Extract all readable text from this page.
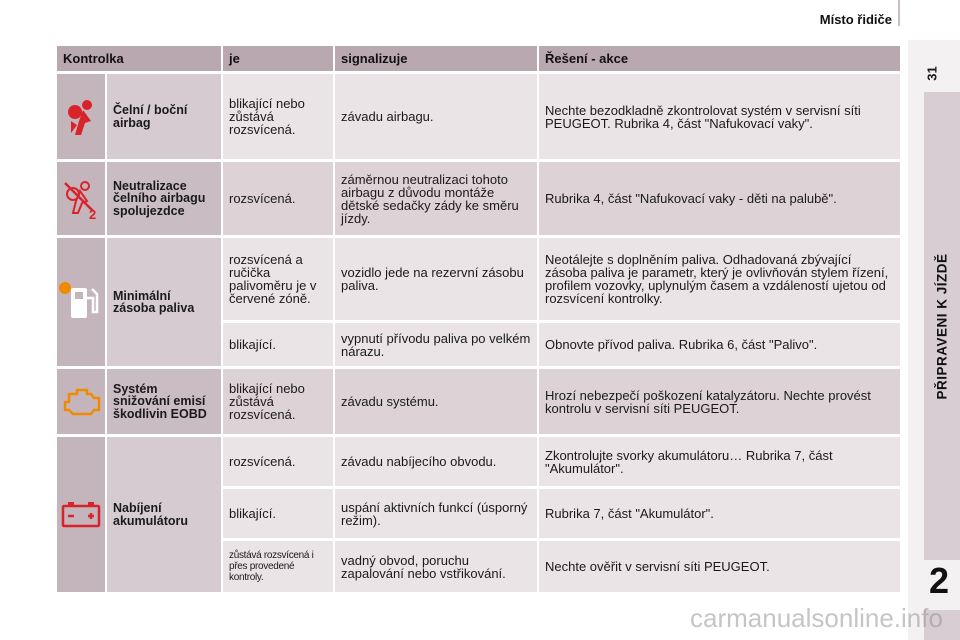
Místo řidiče
31
PŘIPRAVENI K JÍZDĚ
2
Kontrolka		je	signalizuje	Řešení - akce

	Čelní / boční airbag	blikající nebo zůstává rozsvícená.	závadu airbagu.	Nechte bezodkladně zkontrolovat systém v servisní síti PEUGEOT. Rubrika 4, část "Nafukovací vaky".

2	Neutralizace čelního airbagu spolujezdce	rozsvícená.	záměrnou neutralizaci tohoto airbagu z důvodu montáže dětské sedačky zády ke směru jízdy.	Rubrika 4, část "Nafukovací vaky - děti na palubě".

	Minimální zásoba paliva	rozsvícená a ručička palivoměru je v červené zóně.	vozidlo jede na rezervní zásobu paliva.	Neotálejte s doplněním paliva. Odhadovaná zbývající zásoba paliva je parametr, který je ovlivňován stylem řízení, profilem vozovky, uplynulým časem a vzdáleností ujetou od rozsvícení kontrolky.
		blikající.	vypnutí přívodu paliva po velkém nárazu.	Obnovte přívod paliva. Rubrika 6, část "Palivo".

	Systém snižování emisí škodlivin EOBD	blikající nebo zůstává rozsvícená.	závadu systému.	Hrozí nebezpečí poškození katalyzátoru. Nechte provést kontrolu v servisní síti PEUGEOT.

	Nabíjení akumulátoru	rozsvícená.	závadu nabíjecího obvodu.	Zkontrolujte svorky akumulátoru… Rubrika 7, část "Akumulátor".
		blikající.	uspání aktivních funkcí (úsporný režim).	Rubrika 7, část "Akumulátor".
		zůstává rozsvícená i přes provedené kontroly.	vadný obvod, poruchu zapalování nebo vstřikování.	Nechte ověřit v servisní síti PEUGEOT.
carmanualsonline.info
